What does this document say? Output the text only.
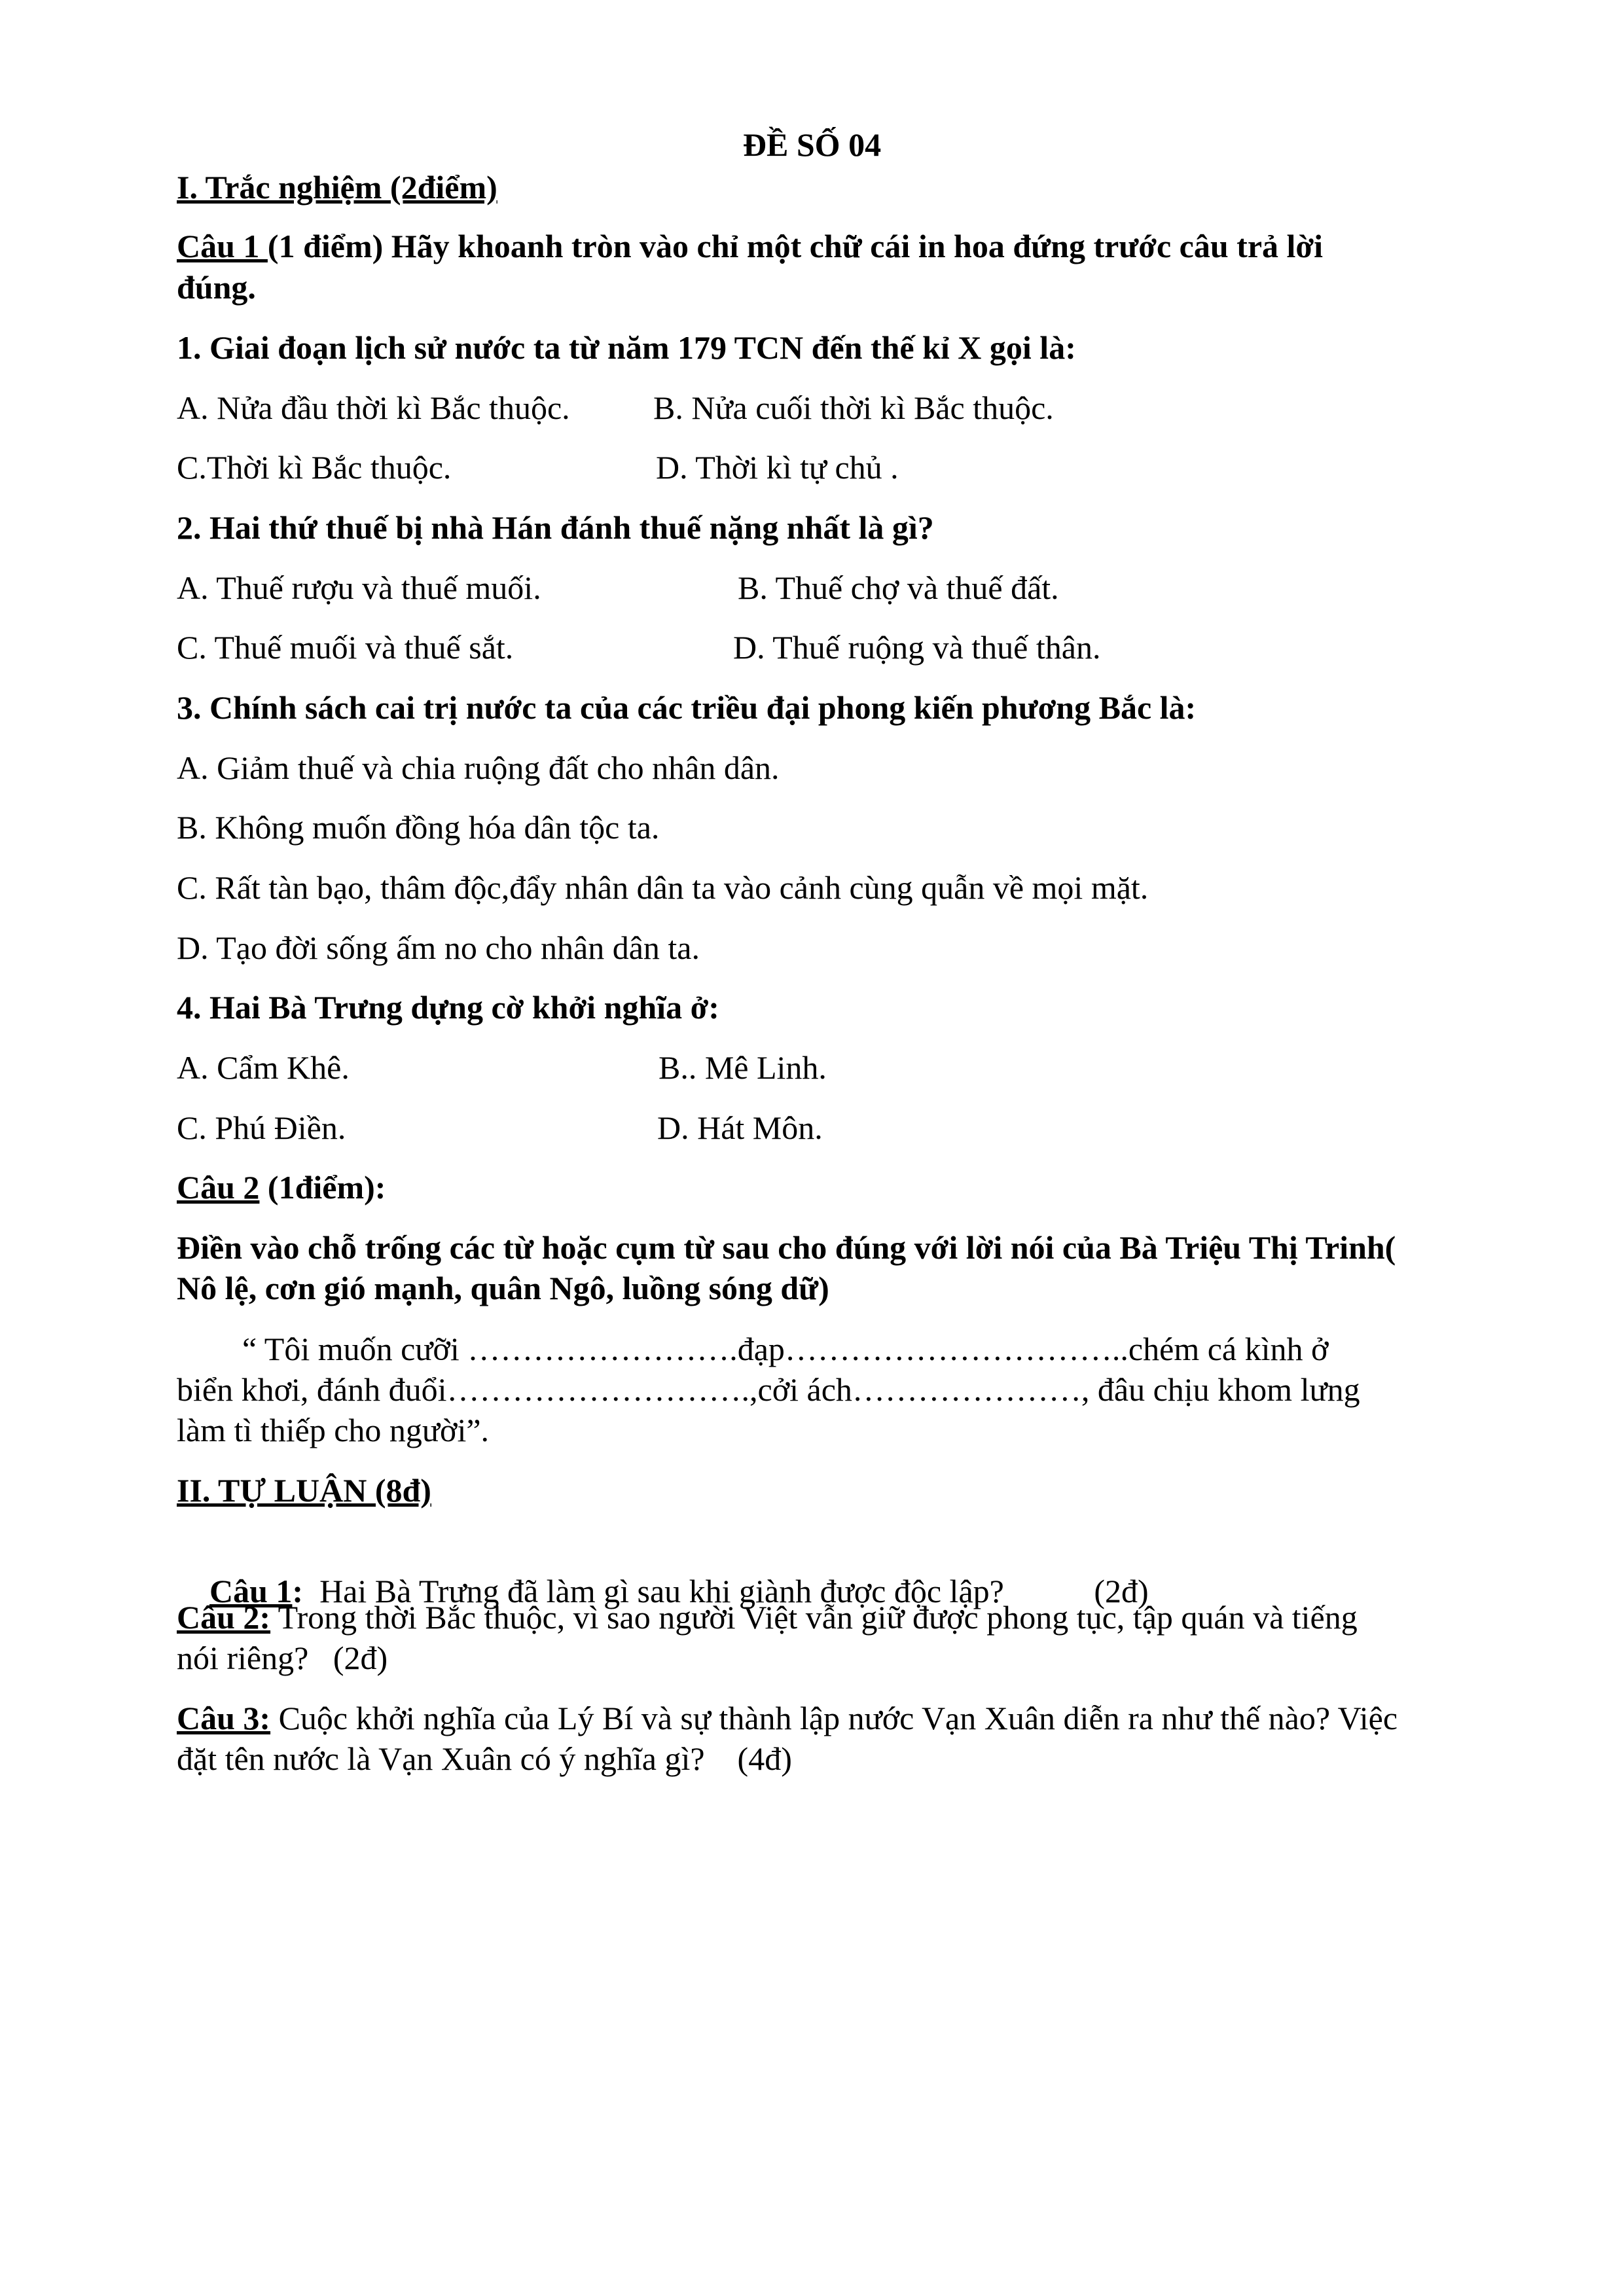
ĐỀ SỐ 04
I. Trắc nghiệm (2điểm)
Câu 1 (1 điểm) Hãy khoanh tròn vào chỉ một chữ cái in hoa đứng trước câu trả lời
đúng.
1. Giai đoạn lịch sử nước ta từ năm 179 TCN đến thế kỉ X gọi là:
A. Nửa đầu thời kì Bắc thuộc.	B. Nửa cuối thời kì Bắc thuộc.
C.Thời kì Bắc thuộc.	D. Thời kì tự chủ .
2. Hai thứ thuế bị nhà Hán đánh thuế nặng nhất là gì?
A. Thuế rượu và thuế muối.	B. Thuế chợ và thuế đất.
C. Thuế muối và thuế sắt.	D. Thuế ruộng và thuế thân.
3. Chính sách cai trị nước ta của các triều đại phong kiến phương Bắc là:
A. Giảm thuế và chia ruộng đất cho nhân dân.
B. Không muốn đồng hóa dân tộc ta.
C. Rất tàn bạo, thâm độc,đẩy nhân dân ta vào cảnh cùng quẫn về mọi mặt.
D. Tạo đời sống ấm no cho nhân dân ta.
4. Hai Bà Trưng dựng cờ khởi nghĩa ở:
A. Cẩm Khê.	B.. Mê Linh.
C. Phú Điền.	D. Hát Môn.
Câu 2 (1điểm):
Điền vào chỗ trống các từ hoặc cụm từ sau cho đúng với lời nói của Bà Triệu Thị Trinh(
Nô lệ, cơn gió mạnh, quân Ngô, luồng sóng dữ)
“ Tôi muốn cưỡi …………………….đạp…………………………..chém cá kình ở
biển khơi, đánh đuổi……………………….,cởi ách…………………, đâu chịu khom lưng
làm tì thiếp cho người”.
II. TỰ LUẬN (8đ)

Câu 1:  Hai Bà Trưng đã làm gì sau khi giành được độc lập?           (2đ)

Câu 2: Trong thời Bắc thuộc, vì sao người Việt vẫn giữ được phong tục, tập quán và tiếng
nói riêng?   (2đ)
Câu 3: Cuộc khởi nghĩa của Lý Bí và sự thành lập nước Vạn Xuân diễn ra như thế nào? Việc
đặt tên nước là Vạn Xuân có ý nghĩa gì?    (4đ)
